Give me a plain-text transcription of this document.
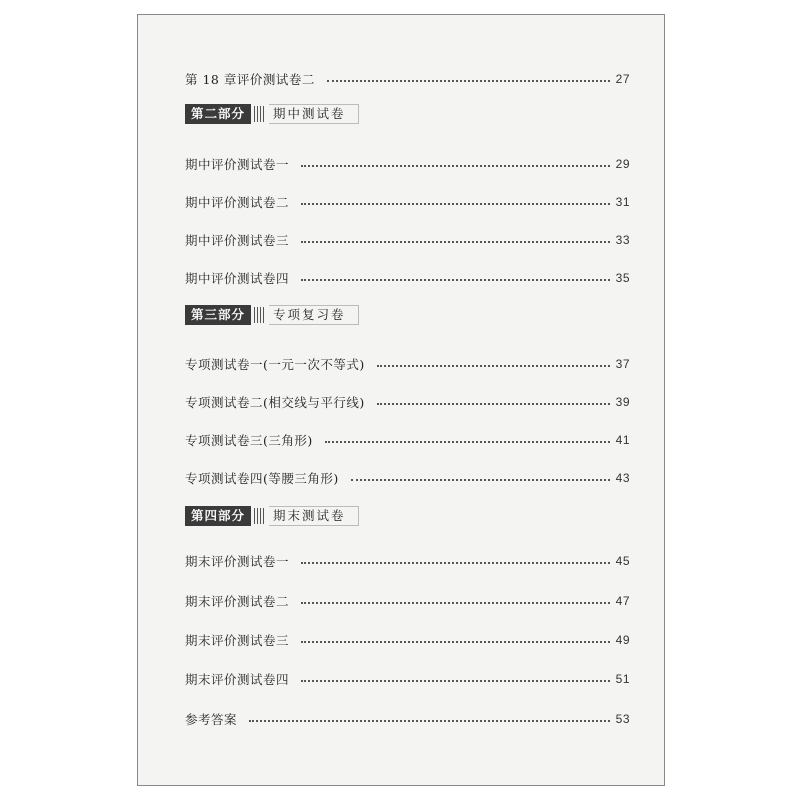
第 18 章评价测试卷二	27
第二部分	期中测试卷
期中评价测试卷一	29
期中评价测试卷二	31
期中评价测试卷三	33
期中评价测试卷四	35
第三部分	专项复习卷
专项测试卷一(一元一次不等式)	37
专项测试卷二(相交线与平行线)	39
专项测试卷三(三角形)	41
专项测试卷四(等腰三角形)	43
第四部分	期末测试卷
期末评价测试卷一	45
期末评价测试卷二	47
期末评价测试卷三	49
期末评价测试卷四	51
参考答案	53
